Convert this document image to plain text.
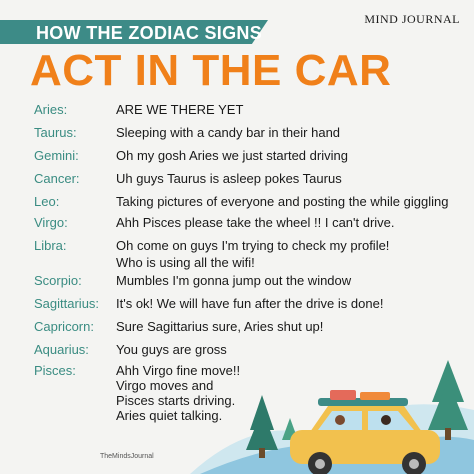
MIND JOURNAL
HOW THE ZODIAC SIGNS
ACT IN THE CAR
Aries:	ARE WE THERE YET
Taurus:	Sleeping with a candy bar in their hand
Gemini:	Oh my gosh Aries we just started driving
Cancer:	Uh guys Taurus is asleep pokes Taurus
Leo:	Taking pictures of everyone and posting the while giggling
Virgo:	Ahh Pisces please take the wheel !! I can't drive.
Libra:	Oh come on guys I'm trying to check my profile!
Who is using all the wifi!
Scorpio:	Mumbles I'm gonna jump out the window
Sagittarius: It's ok! We will have fun after the drive is done!
Capricorn: Sure Sagittarius sure, Aries shut up!
Aquarius: You guys are gross
Pisces:	Ahh Virgo fine move!!
Virgo moves and
Pisces starts driving.
Aries quiet talking.
TheMindsJournal
